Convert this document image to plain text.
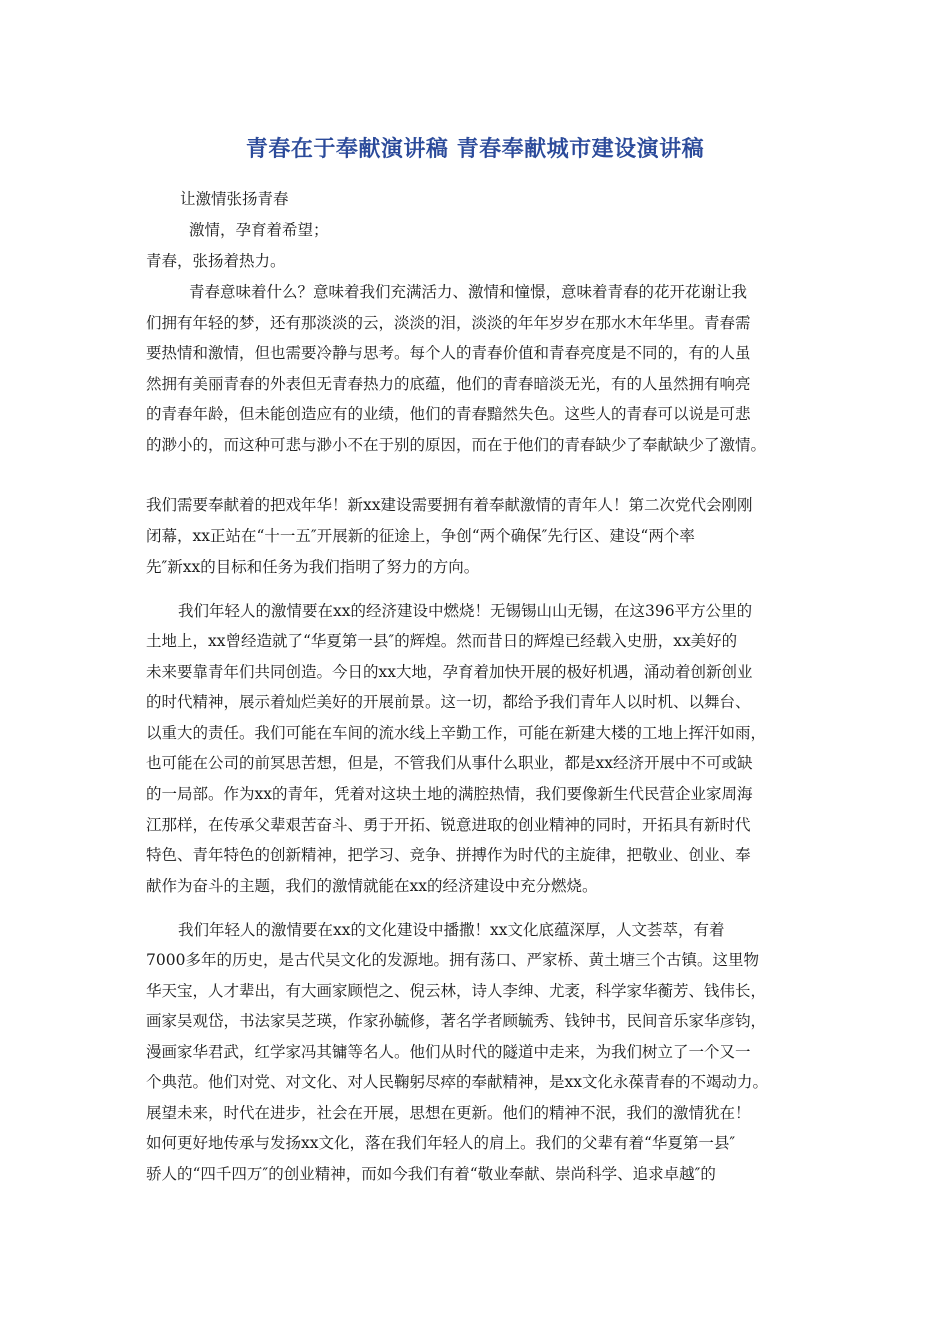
青春在于奉献演讲稿 青春奉献城市建设演讲稿
让激情张扬青春
激情，孕育着希望；
青春，张扬着热力。
青春意味着什么？意味着我们充满活力、激情和憧憬，意味着青春的花开花谢让我
们拥有年轻的梦，还有那淡淡的云，淡淡的泪，淡淡的年年岁岁在那水木年华里。青春需
要热情和激情，但也需要冷静与思考。每个人的青春价值和青春亮度是不同的，有的人虽
然拥有美丽青春的外表但无青春热力的底蕴，他们的青春暗淡无光，有的人虽然拥有响亮
的青春年龄，但未能创造应有的业绩，他们的青春黯然失色。这些人的青春可以说是可悲
的渺小的，而这种可悲与渺小不在于别的原因，而在于他们的青春缺少了奉献缺少了激情。
我们需要奉献着的把戏年华！新xx建设需要拥有着奉献激情的青年人！第二次党代会刚刚
闭幕，xx正站在“十一五″开展新的征途上，争创“两个确保″先行区、建设“两个率
先″新xx的目标和任务为我们指明了努力的方向。
我们年轻人的激情要在xx的经济建设中燃烧！无锡锡山山无锡，在这396平方公里的
土地上，xx曾经造就了“华夏第一县″的辉煌。然而昔日的辉煌已经载入史册，xx美好的
未来要靠青年们共同创造。今日的xx大地，孕育着加快开展的极好机遇，涌动着创新创业
的时代精神，展示着灿烂美好的开展前景。这一切，都给予我们青年人以时机、以舞台、
以重大的责任。我们可能在车间的流水线上辛勤工作，可能在新建大楼的工地上挥汗如雨，
也可能在公司的前冥思苦想，但是，不管我们从事什么职业，都是xx经济开展中不可或缺
的一局部。作为xx的青年，凭着对这块土地的满腔热情，我们要像新生代民营企业家周海
江那样，在传承父辈艰苦奋斗、勇于开拓、锐意进取的创业精神的同时，开拓具有新时代
特色、青年特色的创新精神，把学习、竞争、拼搏作为时代的主旋律，把敬业、创业、奉
献作为奋斗的主题，我们的激情就能在xx的经济建设中充分燃烧。
我们年轻人的激情要在xx的文化建设中播撒！xx文化底蕴深厚，人文荟萃，有着
7000多年的历史，是古代吴文化的发源地。拥有荡口、严家桥、黄土塘三个古镇。这里物
华天宝，人才辈出，有大画家顾恺之、倪云林，诗人李绅、尤袤，科学家华蘅芳、钱伟长，
画家吴观岱，书法家吴芝瑛，作家孙毓修，著名学者顾毓秀、钱钟书，民间音乐家华彦钧，
漫画家华君武，红学家冯其镛等名人。他们从时代的隧道中走来，为我们树立了一个又一
个典范。他们对党、对文化、对人民鞠躬尽瘁的奉献精神，是xx文化永葆青春的不竭动力。
展望未来，时代在进步，社会在开展，思想在更新。他们的精神不泯，我们的激情犹在！
如何更好地传承与发扬xx文化，落在我们年轻人的肩上。我们的父辈有着“华夏第一县″
骄人的“四千四万″的创业精神，而如今我们有着“敬业奉献、崇尚科学、追求卓越″的
